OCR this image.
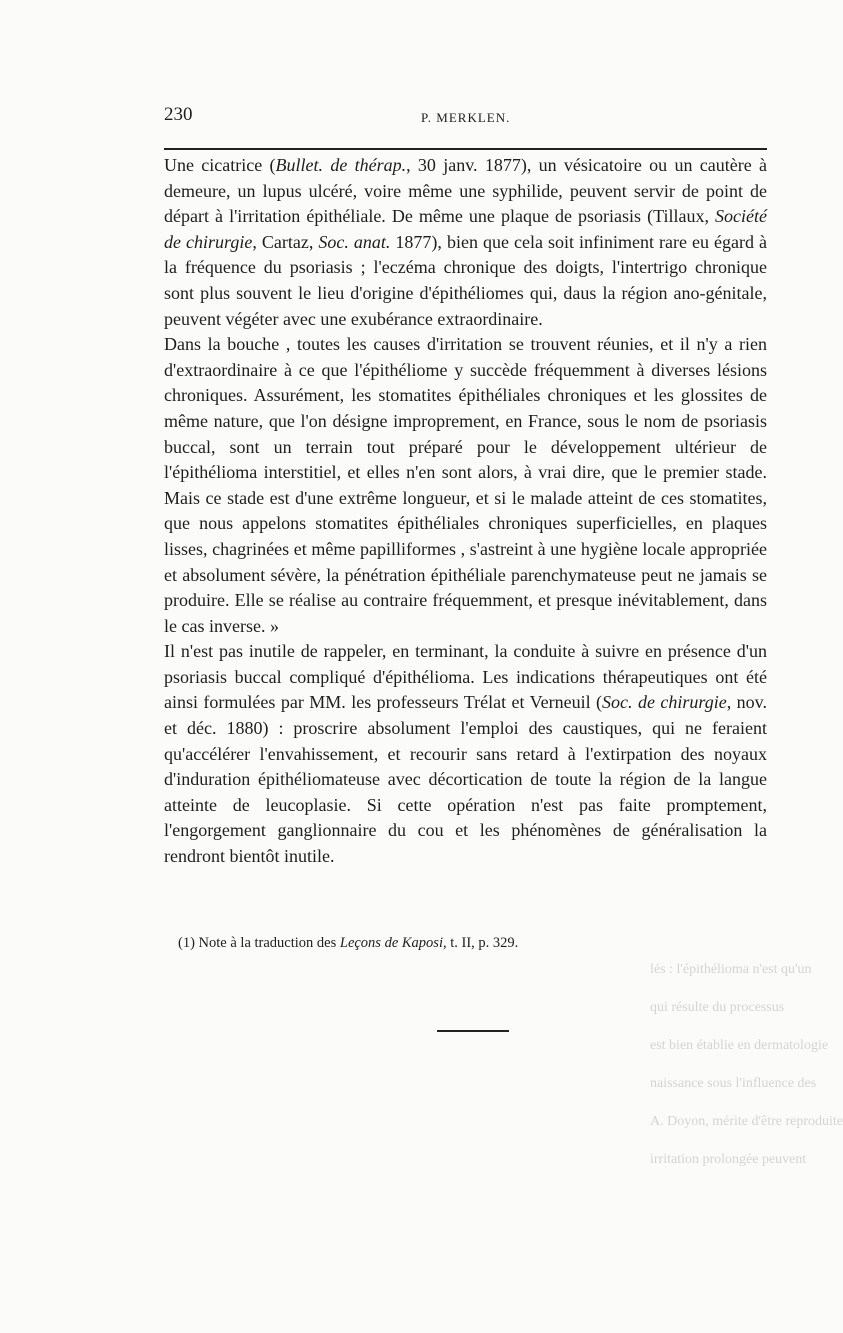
lés : l'épithélioma n'est qu'un
qui résulte du processus
est bien établie en dermatologie
naissance sous l'influence des
A. Doyon, mérite d'être reproduite
irritation prolongée peuvent
230	P. MERKLEN.

Une cicatrice (Bullet. de thérap., 30 janv. 1877), un vésicatoire ou un cautère à demeure, un lupus ulcéré, voire même une syphilide, peuvent servir de point de départ à l'irritation épithéliale. De même une plaque de psoriasis (Tillaux, Société de chirurgie, Cartaz, Soc. anat. 1877), bien que cela soit infiniment rare eu égard à la fréquence du psoriasis ; l'eczéma chronique des doigts, l'intertrigo chronique sont plus souvent le lieu d'origine d'épithéliomes qui, daus la région ano-génitale, peuvent végéter avec une exubérance extraordinaire.

Dans la bouche , toutes les causes d'irritation se trouvent réunies, et il n'y a rien d'extraordinaire à ce que l'épithéliome y succède fréquemment à diverses lésions chroniques. Assurément, les stomatites épithéliales chroniques et les glossites de même nature, que l'on désigne improprement, en France, sous le nom de psoriasis buccal, sont un terrain tout préparé pour le développement ultérieur de l'épithélioma interstitiel, et elles n'en sont alors, à vrai dire, que le premier stade. Mais ce stade est d'une extrême longueur, et si le malade atteint de ces stomatites, que nous appelons stomatites épithéliales chroniques superficielles, en plaques lisses, chagrinées et même papilliformes , s'astreint à une hygiène locale appropriée et absolument sévère, la pénétration épithéliale parenchymateuse peut ne jamais se produire. Elle se réalise au contraire fréquemment, et presque inévitablement, dans le cas inverse. »

Il n'est pas inutile de rappeler, en terminant, la conduite à suivre en présence d'un psoriasis buccal compliqué d'épithélioma. Les indications thérapeutiques ont été ainsi formulées par MM. les professeurs Trélat et Verneuil (Soc. de chirurgie, nov. et déc. 1880) : proscrire absolument l'emploi des caustiques, qui ne feraient qu'accélérer l'envahissement, et recourir sans retard à l'extirpation des noyaux d'induration épithéliomateuse avec décortication de toute la région de la langue atteinte de leucoplasie. Si cette opération n'est pas faite promptement, l'engorgement ganglionnaire du cou et les phénomènes de généralisation la rendront bientôt inutile.

(1) Note à la traduction des Leçons de Kaposi, t. II, p. 329.
